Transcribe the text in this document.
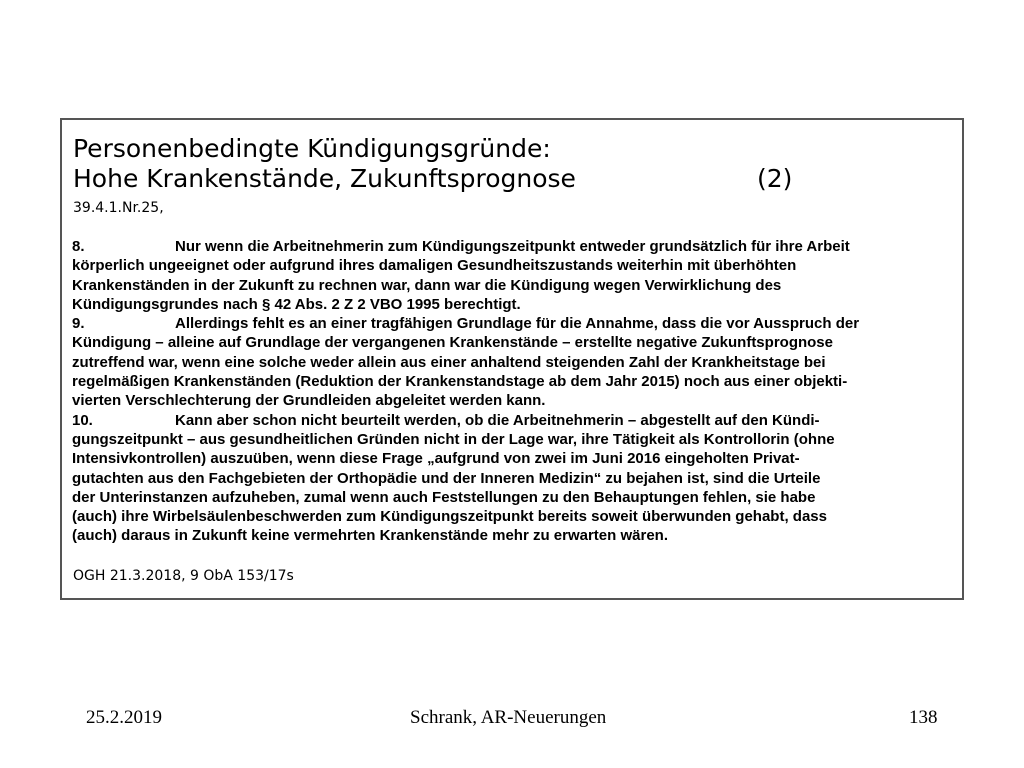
Personenbedingte Kündigungsgründe:
Hohe Krankenstände, Zukunftsprognose	(2)
39.4.1.Nr.25,
8.	Nur wenn die Arbeitnehmerin zum Kündigungszeitpunkt entweder grundsätzlich für ihre Arbeit
körperlich ungeeignet oder aufgrund ihres damaligen Gesundheitszustands weiterhin mit überhöhten
Krankenständen in der Zukunft zu rechnen war, dann war die Kündigung wegen Verwirklichung des
Kündigungsgrundes nach § 42 Abs. 2 Z 2 VBO 1995 berechtigt.
9.	Allerdings fehlt es an einer tragfähigen Grundlage für die Annahme, dass die vor Ausspruch der
Kündigung – alleine auf Grundlage der vergangenen Krankenstände – erstellte negative Zukunftsprognose
zutreffend war, wenn eine solche weder allein aus einer anhaltend steigenden Zahl der Krankheitstage bei
regelmäßigen Krankenständen (Reduktion der Krankenstandstage ab dem Jahr 2015) noch aus einer objekti-
vierten Verschlechterung der Grundleiden abgeleitet werden kann.
10.	Kann aber schon nicht beurteilt werden, ob die Arbeitnehmerin – abgestellt auf den Kündi-
gungszeitpunkt – aus gesundheitlichen Gründen nicht in der Lage war, ihre Tätigkeit als Kontrollorin (ohne
Intensivkontrollen) auszuüben, wenn diese Frage „aufgrund von zwei im Juni 2016 eingeholten Privat-
gutachten aus den Fachgebieten der Orthopädie und der Inneren Medizin“ zu bejahen ist, sind die Urteile
der Unterinstanzen aufzuheben, zumal wenn auch Feststellungen zu den Behauptungen fehlen, sie habe
(auch) ihre Wirbelsäulenbeschwerden zum Kündigungszeitpunkt bereits soweit überwunden gehabt, dass
(auch) daraus in Zukunft keine vermehrten Krankenstände mehr zu erwarten wären.
OGH 21.3.2018, 9 ObA 153/17s
25.2.2019	Schrank, AR-Neuerungen	138
